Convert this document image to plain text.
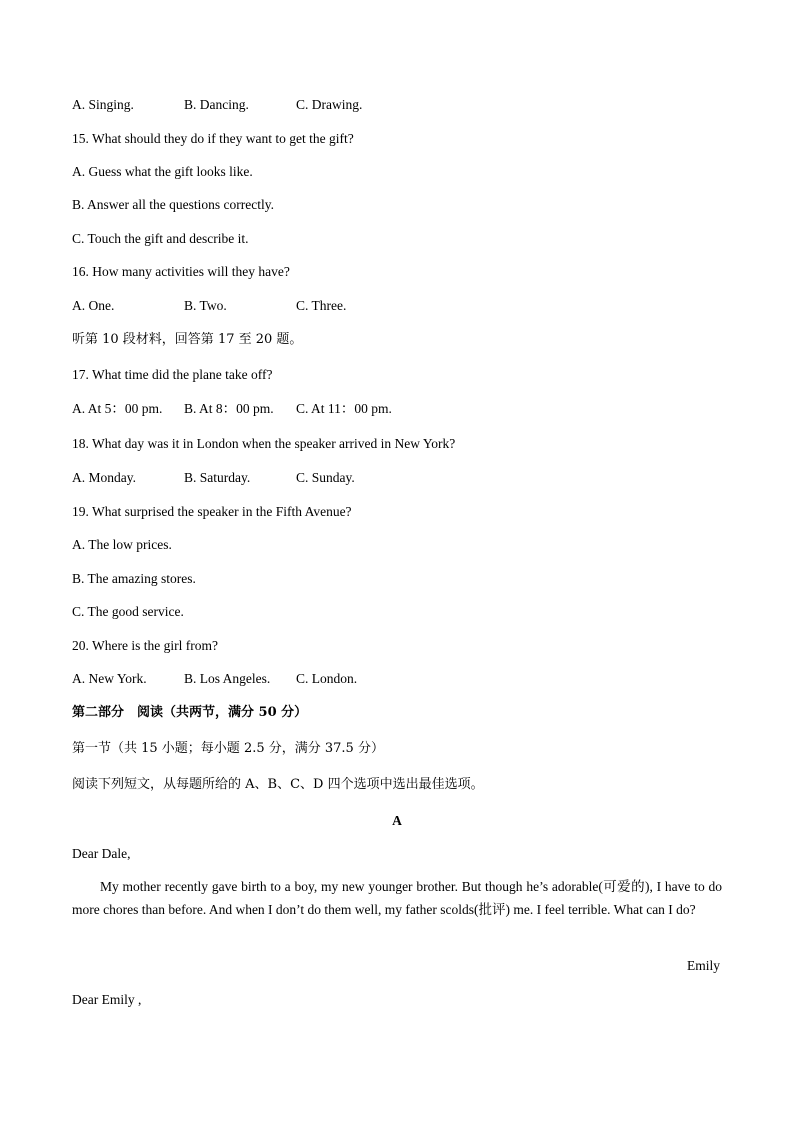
A. Singing.	B. Dancing.	C. Drawing.
15. What should they do if they want to get the gift?
A. Guess what the gift looks like.
B. Answer all the questions correctly.
C. Touch the gift and describe it.
16. How many activities will they have?
A. One.	B. Two.	C. Three.
听第 10 段材料，回答第 17 至 20 题。
17. What time did the plane take off?
A. At 5：00 pm. B. At 8：00 pm. C. At 11：00 pm.
18. What day was it in London when the speaker arrived in New York?
A. Monday.	B. Saturday.	C. Sunday.
19. What surprised the speaker in the Fifth Avenue?
A. The low prices.
B. The amazing stores.
C. The good service.
20. Where is the girl from?
A. New York.	B. Los Angeles. C. London.
第二部分　阅读（共两节，满分 50 分）
第一节（共 15 小题；每小题 2.5 分，满分 37.5 分）
阅读下列短文，从每题所给的 A、B、C、D 四个选项中选出最佳选项。
A
Dear Dale,
My mother recently gave birth to a boy, my new younger brother. But though he’s adorable(可爱的), I have to do more chores than before. And when I don’t do them well, my father scolds(批评) me. I feel terrible. What can I do?
Emily
Dear Emily ,
